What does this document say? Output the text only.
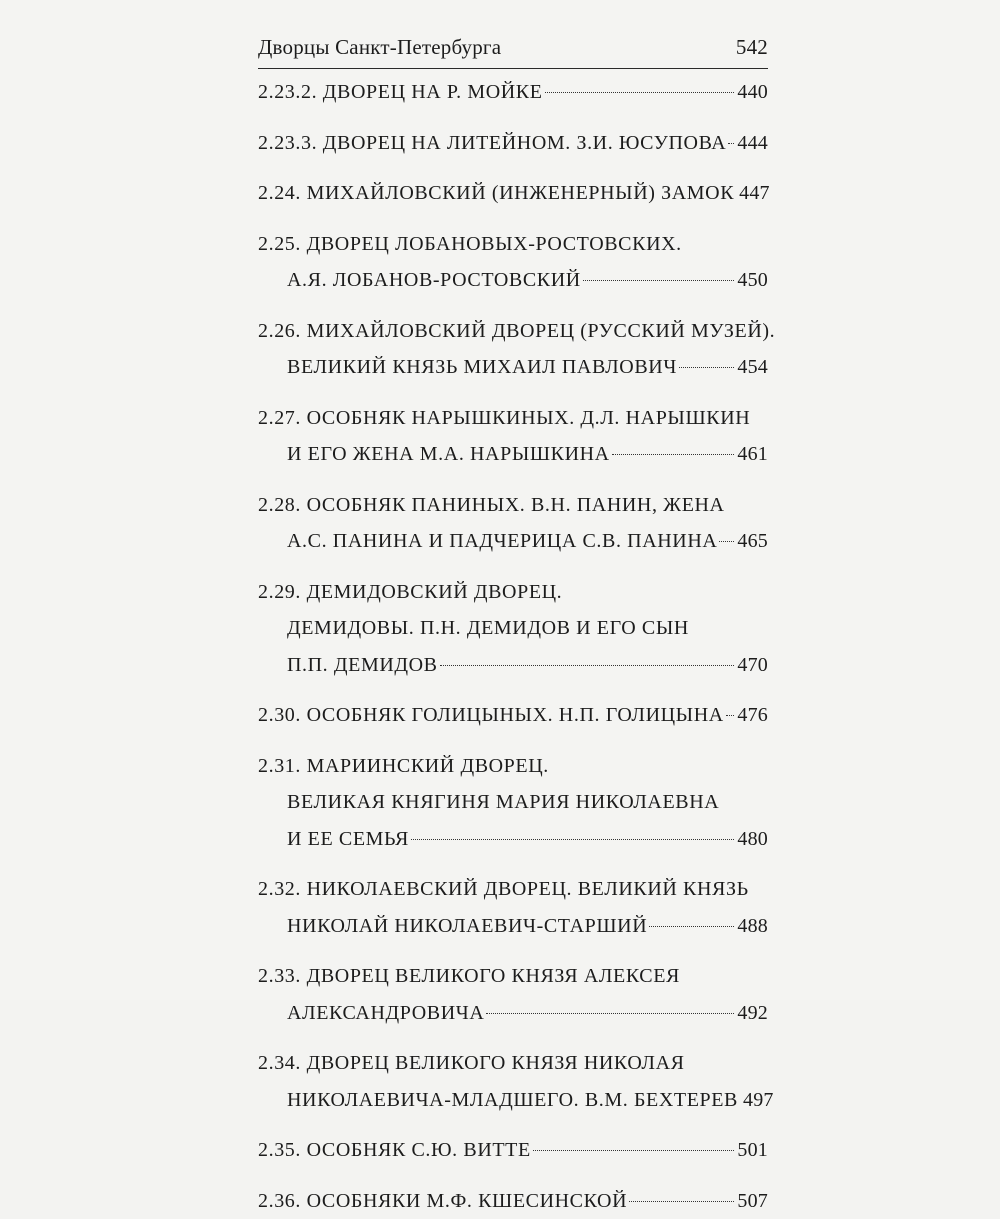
Дворцы Санкт-Петербурга	542
2.23.2. ДВОРЕЦ НА Р. МОЙКЕ	440
2.23.3. ДВОРЕЦ НА ЛИТЕЙНОМ. З.И. ЮСУПОВА 444
2.24. МИХАЙЛОВСКИЙ (ИНЖЕНЕРНЫЙ) ЗАМОК 447
2.25. ДВОРЕЦ ЛОБАНОВЫХ-РОСТОВСКИХ.
А.Я. ЛОБАНОВ-РОСТОВСКИЙ	450
2.26. МИХАЙЛОВСКИЙ ДВОРЕЦ (РУССКИЙ МУЗЕЙ).
ВЕЛИКИЙ КНЯЗЬ МИХАИЛ ПАВЛОВИЧ	454
2.27. ОСОБНЯК НАРЫШКИНЫХ. Д.Л. НАРЫШКИН
И ЕГО ЖЕНА М.А. НАРЫШКИНА	461
2.28. ОСОБНЯК ПАНИНЫХ. В.Н. ПАНИН, ЖЕНА
А.С. ПАНИНА И ПАДЧЕРИЦА С.В. ПАНИНА 465
2.29. ДЕМИДОВСКИЙ ДВОРЕЦ.
ДЕМИДОВЫ. П.Н. ДЕМИДОВ И ЕГО СЫН
П.П. ДЕМИДОВ	470
2.30. ОСОБНЯК ГОЛИЦЫНЫХ. Н.П. ГОЛИЦЫНА 476
2.31. МАРИИНСКИЙ ДВОРЕЦ.
ВЕЛИКАЯ КНЯГИНЯ МАРИЯ НИКОЛАЕВНА
И ЕЕ СЕМЬЯ	480
2.32. НИКОЛАЕВСКИЙ ДВОРЕЦ. ВЕЛИКИЙ КНЯЗЬ
НИКОЛАЙ НИКОЛАЕВИЧ-СТАРШИЙ	488
2.33. ДВОРЕЦ ВЕЛИКОГО КНЯЗЯ АЛЕКСЕЯ
АЛЕКСАНДРОВИЧА	492
2.34. ДВОРЕЦ ВЕЛИКОГО КНЯЗЯ НИКОЛАЯ
НИКОЛАЕВИЧА-МЛАДШЕГО. В.М. БЕХТЕРЕВ 497
2.35. ОСОБНЯК С.Ю. ВИТТЕ	501
2.36. ОСОБНЯКИ М.Ф. КШЕСИНСКОЙ	507
